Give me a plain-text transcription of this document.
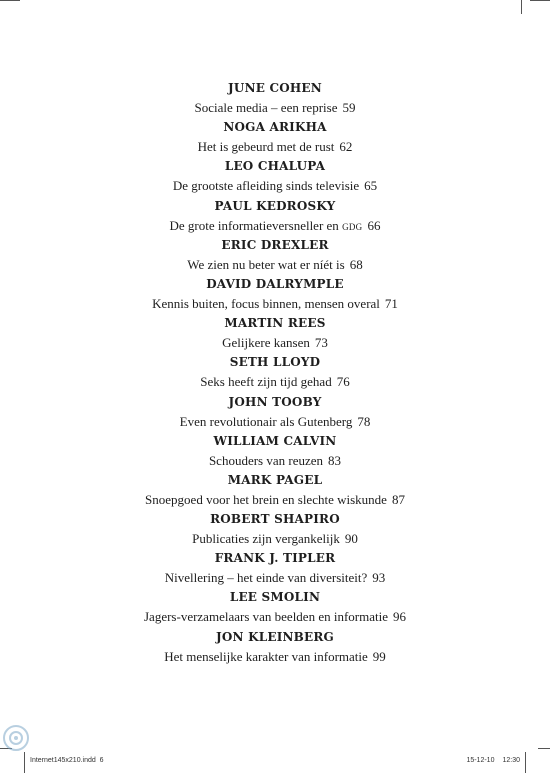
JUNE COHEN
Sociale media – een reprise 59
NOGA ARIKHA
Het is gebeurd met de rust 62
LEO CHALUPA
De grootste afleiding sinds televisie 65
PAUL KEDROSKY
De grote informatieversneller en GDG 66
ERIC DREXLER
We zien nu beter wat er níét is 68
DAVID DALRYMPLE
Kennis buiten, focus binnen, mensen overal 71
MARTIN REES
Gelijkere kansen 73
SETH LLOYD
Seks heeft zijn tijd gehad 76
JOHN TOOBY
Even revolutionair als Gutenberg 78
WILLIAM CALVIN
Schouders van reuzen 83
MARK PAGEL
Snoepgoed voor het brein en slechte wiskunde 87
ROBERT SHAPIRO
Publicaties zijn vergankelijk 90
FRANK J. TIPLER
Nivellering – het einde van diversiteit? 93
LEE SMOLIN
Jagers-verzamelaars van beelden en informatie 96
JON KLEINBERG
Het menselijke karakter van informatie 99
Internet145x210.indd 6	15-12-10 12:30
